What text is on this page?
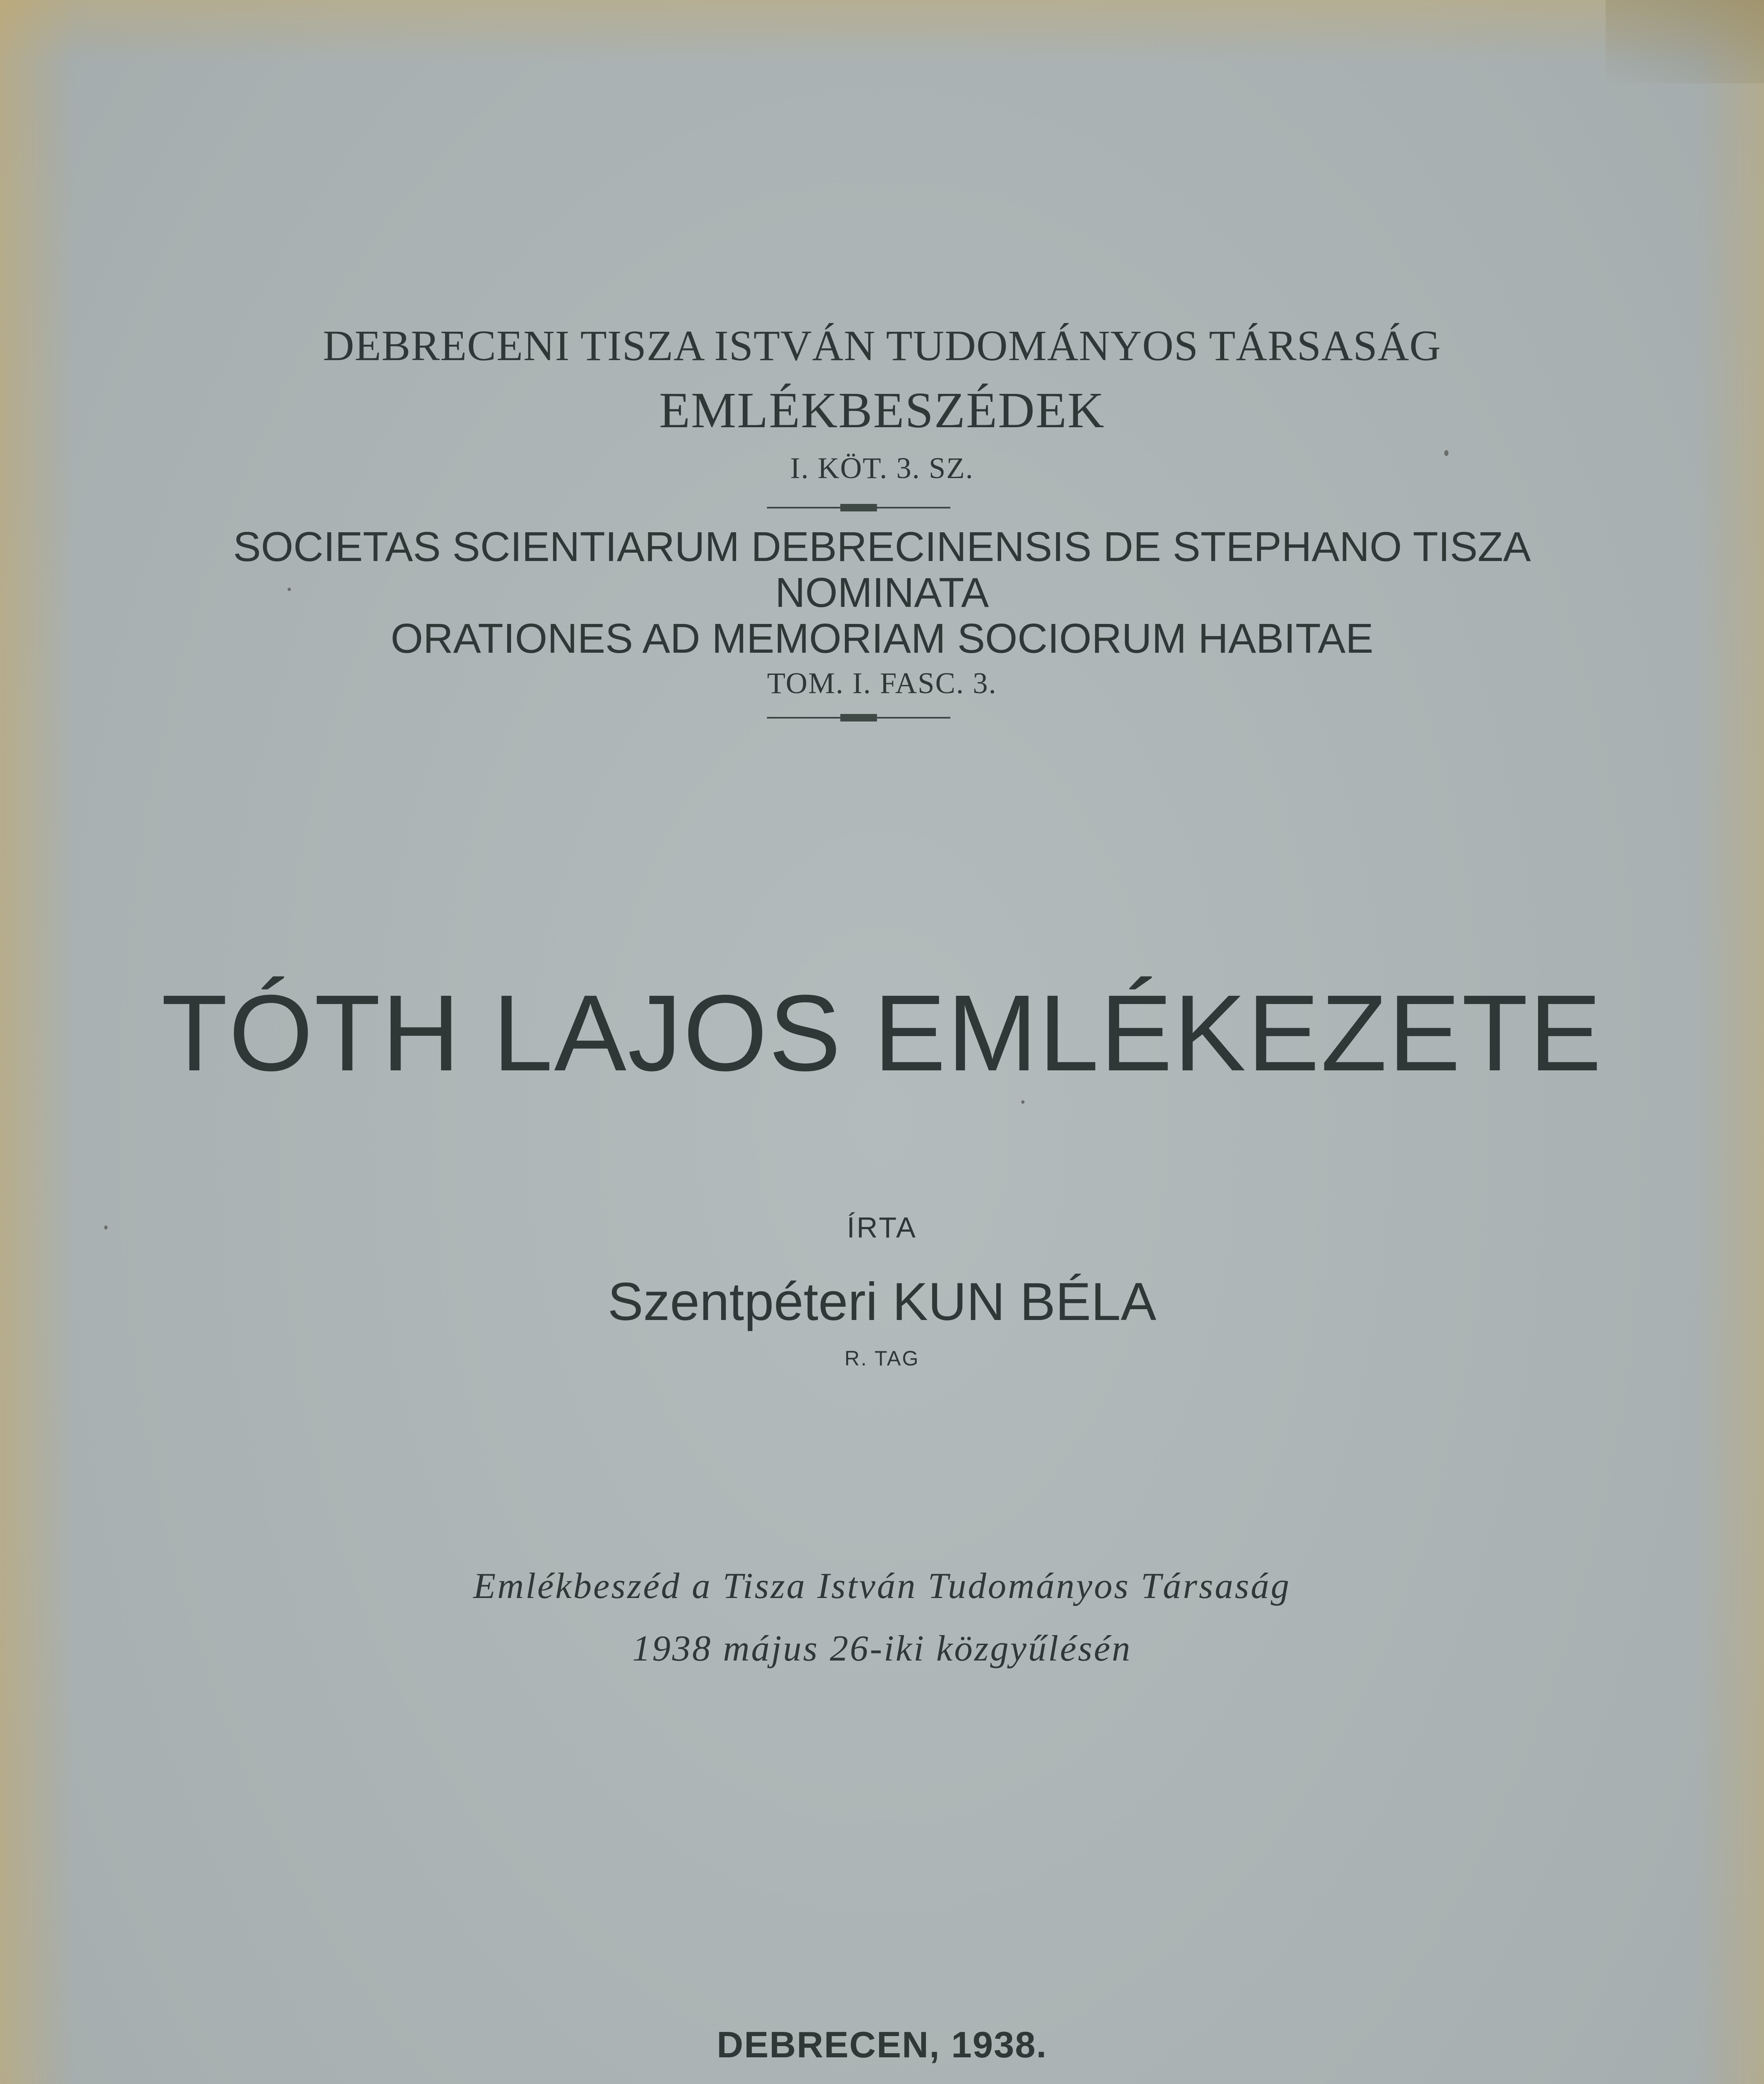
DEBRECENI TISZA ISTVÁN TUDOMÁNYOS TÁRSASÁG
EMLÉKBESZÉDEK
I. KÖT. 3. SZ.
SOCIETAS SCIENTIARUM DEBRECINENSIS DE STEPHANO TISZA
NOMINATA
ORATIONES AD MEMORIAM SOCIORUM HABITAE
TOM. I. FASC. 3.
TÓTH LAJOS EMLÉKEZETE
ÍRTA
Szentpéteri KUN BÉLA
R. TAG
Emlékbeszéd a Tisza István Tudományos Társaság
1938 május 26-iki közgyűlésén
DEBRECEN, 1938.
